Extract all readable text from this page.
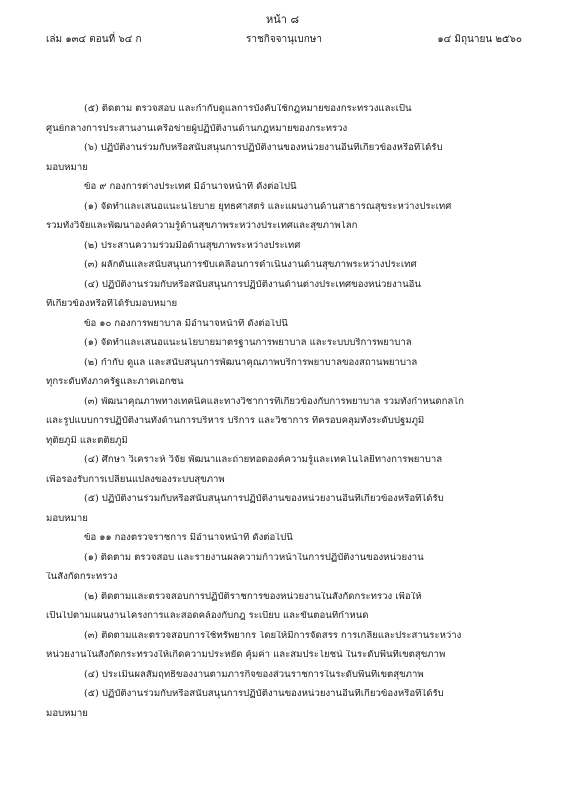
หน้า ๘
เล่ม ๑๓๔ ตอนที่ ๖๔ ก	ราชกิจจานุเบกษา	๑๔ มิถุนายน ๒๕๖๐
(๕) ติดตาม ตรวจสอบ และกำกับดูแลการบังคับใช้กฎหมายของกระทรวงและเป็น
ศูนย์กลางการประสานงานเครือข่ายผู้ปฏิบัติงานด้านกฎหมายของกระทรวง
(๖) ปฏิบัติงานร่วมกับหรือสนับสนุนการปฏิบัติงานของหน่วยงานอื่นที่เกี่ยวข้องหรือที่ได้รับ
มอบหมาย
ข้อ ๙ กองการต่างประเทศ มีอำนาจหน้าที่ ดังต่อไปนี้
(๑) จัดทำและเสนอแนะนโยบาย ยุทธศาสตร์ และแผนงานด้านสาธารณสุขระหว่างประเทศ
รวมทั้งวิจัยและพัฒนาองค์ความรู้ด้านสุขภาพระหว่างประเทศและสุขภาพโลก
(๒) ประสานความร่วมมือด้านสุขภาพระหว่างประเทศ
(๓) ผลักดันและสนับสนุนการขับเคลื่อนการดำเนินงานด้านสุขภาพระหว่างประเทศ
(๔) ปฏิบัติงานร่วมกับหรือสนับสนุนการปฏิบัติงานด้านต่างประเทศของหน่วยงานอื่น
ที่เกี่ยวข้องหรือที่ได้รับมอบหมาย
ข้อ ๑๐ กองการพยาบาล มีอำนาจหน้าที่ ดังต่อไปนี้
(๑) จัดทำและเสนอแนะนโยบายมาตรฐานการพยาบาล และระบบบริการพยาบาล
(๒) กำกับ ดูแล และสนับสนุนการพัฒนาคุณภาพบริการพยาบาลของสถานพยาบาล
ทุกระดับทั้งภาครัฐและภาคเอกชน
(๓) พัฒนาคุณภาพทางเทคนิคและทางวิชาการที่เกี่ยวข้องกับการพยาบาล รวมทั้งกำหนดกลไก
และรูปแบบการปฏิบัติงานทั้งด้านการบริหาร บริการ และวิชาการ ที่ครอบคลุมทั้งระดับปฐมภูมิ
ทุติยภูมิ และตติยภูมิ
(๔) ศึกษา วิเคราะห์ วิจัย พัฒนาและถ่ายทอดองค์ความรู้และเทคโนโลยีทางการพยาบาล
เพื่อรองรับการเปลี่ยนแปลงของระบบสุขภาพ
(๕) ปฏิบัติงานร่วมกับหรือสนับสนุนการปฏิบัติงานของหน่วยงานอื่นที่เกี่ยวข้องหรือที่ได้รับ
มอบหมาย
ข้อ ๑๑ กองตรวจราชการ มีอำนาจหน้าที่ ดังต่อไปนี้
(๑) ติดตาม ตรวจสอบ และรายงานผลความก้าวหน้าในการปฏิบัติงานของหน่วยงาน
ในสังกัดกระทรวง
(๒) ติดตามและตรวจสอบการปฏิบัติราชการของหน่วยงานในสังกัดกระทรวง เพื่อให้
เป็นไปตามแผนงานโครงการและสอดคล้องกับกฎ ระเบียบ และขั้นตอนที่กำหนด
(๓) ติดตามและตรวจสอบการใช้ทรัพยากร โดยให้มีการจัดสรร การเกลี่ยและประสานระหว่าง
หน่วยงานในสังกัดกระทรวงให้เกิดความประหยัด คุ้มค่า และสมประโยชน์ ในระดับพื้นที่เขตสุขภาพ
(๔) ประเมินผลสัมฤทธิ์ของงานตามภารกิจของส่วนราชการในระดับพื้นที่เขตสุขภาพ
(๕) ปฏิบัติงานร่วมกับหรือสนับสนุนการปฏิบัติงานของหน่วยงานอื่นที่เกี่ยวข้องหรือที่ได้รับ
มอบหมาย
